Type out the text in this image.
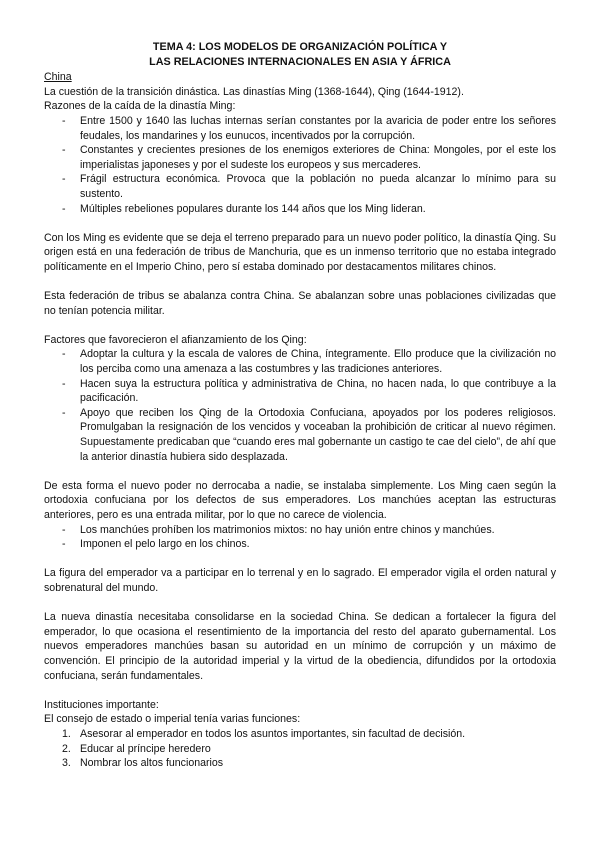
TEMA 4: LOS MODELOS DE ORGANIZACIÓN POLÍTICA Y
LAS RELACIONES INTERNACIONALES EN ASIA Y ÁFRICA

China

La cuestión de la transición dinástica. Las dinastías Ming (1368-1644), Qing (1644-1912).

Razones de la caída de la dinastía Ming:

- Entre 1500 y 1640 las luchas internas serían constantes por la avaricia de poder entre los señores feudales, los mandarines y los eunucos, incentivados por la corrupción.
- Constantes y crecientes presiones de los enemigos exteriores de China: Mongoles, por el este los imperialistas japoneses y por el sudeste los europeos y sus mercaderes.
- Frágil estructura económica. Provoca que la población no pueda alcanzar lo mínimo para su sustento.
- Múltiples rebeliones populares durante los 144 años que los Ming lideran.

Con los Ming es evidente que se deja el terreno preparado para un nuevo poder político, la dinastía Qing. Su origen está en una federación de tribus de Manchuria, que es un inmenso territorio que no estaba integrado políticamente en el Imperio Chino, pero sí estaba dominado por destacamentos militares chinos.

Esta federación de tribus se abalanza contra China. Se abalanzan sobre unas poblaciones civilizadas que no tenían potencia militar.

Factores que favorecieron el afianzamiento de los Qing:

- Adoptar la cultura y la escala de valores de China, íntegramente. Ello produce que la civilización no los perciba como una amenaza a las costumbres y las tradiciones anteriores.
- Hacen suya la estructura política y administrativa de China, no hacen nada, lo que contribuye a la pacificación.
- Apoyo que reciben los Qing de la Ortodoxia Confuciana, apoyados por los poderes religiosos. Promulgaban la resignación de los vencidos y voceaban la prohibición de criticar al nuevo régimen. Supuestamente predicaban que “cuando eres mal gobernante un castigo te cae del cielo”, de ahí que la anterior dinastía hubiera sido desplazada.

De esta forma el nuevo poder no derrocaba a nadie, se instalaba simplemente. Los Ming caen según la ortodoxia confuciana por los defectos de sus emperadores. Los manchúes aceptan las estructuras anteriores, pero es una entrada militar, por lo que no carece de violencia.

- Los manchúes prohíben los matrimonios mixtos: no hay unión entre chinos y manchúes.
- Imponen el pelo largo en los chinos.

La figura del emperador va a participar en lo terrenal y en lo sagrado. El emperador vigila el orden natural y sobrenatural del mundo.

La nueva dinastía necesitaba consolidarse en la sociedad China. Se dedican a fortalecer la figura del emperador, lo que ocasiona el resentimiento de la importancia del resto del aparato gubernamental. Los nuevos emperadores manchúes basan su autoridad en un mínimo de corrupción y un máximo de convención. El principio de la autoridad imperial y la virtud de la obediencia, difundidos por la ortodoxia confuciana, serán fundamentales.

Instituciones importante:

El consejo de estado o imperial tenía varias funciones:

1. Asesorar al emperador en todos los asuntos importantes, sin facultad de decisión.
2. Educar al príncipe heredero
3. Nombrar los altos funcionarios
